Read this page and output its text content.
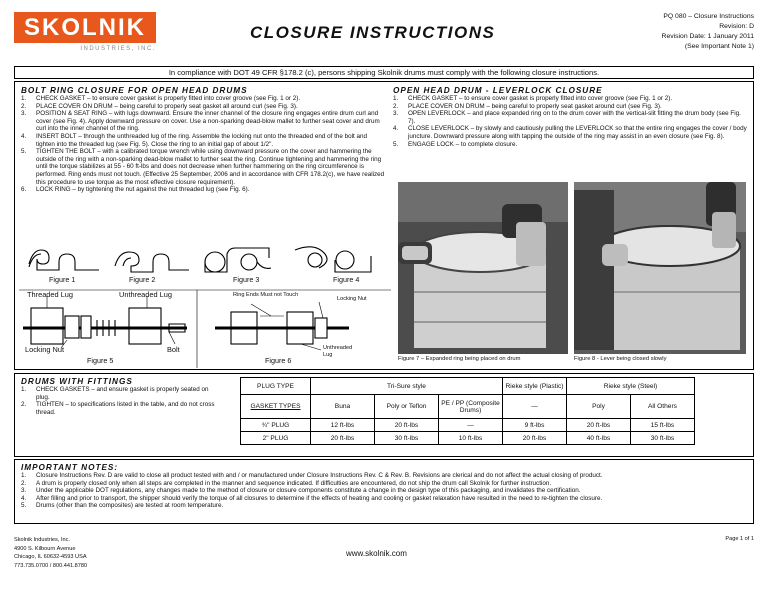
SKOLNIK
INDUSTRIES, INC.
CLOSURE INSTRUCTIONS
PQ 080 – Closure Instructions
Revision: D
Revision Date: 1 January 2011
(See Important Note 1)
In compliance with DOT 49 CFR §178.2 (c), persons shipping Skolnik drums must comply with the following closure instructions.
BOLT RING CLOSURE FOR OPEN HEAD DRUMS
1.	CHECK GASKET – to ensure cover gasket is properly fitted into cover groove (see Fig. 1 or 2).
2.	PLACE COVER ON DRUM – being careful to properly seat gasket all around curl (see Fig. 3).
3.	POSITION & SEAT RING – with lugs downward. Ensure the inner channel of the closure ring engages entire drum curl and cover (see Fig. 4). Apply downward pressure on cover. Use a non-sparking dead-blow mallet to further seat cover and drum curl into the inner channel of the ring.
4.	INSERT BOLT – through the unthreaded lug of the ring. Assemble the locking nut onto the threaded end of the bolt and tighten into the threaded lug (see Fig. 5). Close the ring to an initial gap of about 1/2".
5.	TIGHTEN THE BOLT – with a calibrated torque wrench while using downward pressure on the cover and hammering the outside of the ring with a non-sparking dead-blow mallet to further seat the ring. Continue tightening and hammering the ring until the torque stabilizes at 55 - 60 ft-lbs and does not decrease when further hammering on the ring circumference is performed. Ring ends must not touch. (Effective 25 September, 2006 and in accordance with CFR 178.2(c), we have realized this procedure to use torque as the most effective closure requirement).
6.	LOCK RING – by tightening the nut against the nut threaded lug (see Fig. 6).
Figure 1	Figure 2	Figure 3	Figure 4
Threaded Lug	Unthreaded Lug
Locking Nut	Bolt
Figure 5
Ring Ends Must not Touch
Locking Nut
Unthreaded Lug
Figure 6
OPEN HEAD DRUM - LEVERLOCK CLOSURE
1.	CHECK GASKET – to ensure cover gasket is properly fitted into cover groove (see Fig. 1 or 2).
2.	PLACE COVER ON DRUM – being careful to properly seat gasket around curl (see Fig. 3).
3.	OPEN LEVERLOCK – and place expanded ring on to the drum cover with the vertical-slit fitting the drum body (see Fig. 7).
4.	CLOSE LEVERLOCK – by slowly and cautiously pulling the LEVERLOCK so that the entire ring engages the cover / body juncture. Downward pressure along with tapping the outside of the ring may assist in an even closure (see Fig. 8).
5.	ENGAGE LOCK – to complete closure.
Figure 7 – Expanded ring being placed on drum	Figure 8 - Lever being closed slowly
DRUMS WITH FITTINGS
1.	CHECK GASKETS – and ensure gasket is properly seated on plug.
2.	TIGHTEN – to specifications listed in the table, and do not cross thread.
PLUG TYPE	Tri-Sure style			Rieke style (Plastic)	Rieke style (Steel)	
GASKET TYPES	Buna	Poly or Teflon	PE / PP (Composite Drums)	—	Poly	All Others
¾" PLUG	12 ft-lbs	20 ft-lbs	—	9 ft-lbs	20 ft-lbs	15 ft-lbs
2" PLUG	20 ft-lbs	30 ft-lbs	10 ft-lbs	20 ft-lbs	40 ft-lbs	30 ft-lbs
IMPORTANT NOTES:
1.	Closure Instructions Rev. D are valid to close all product tested with and / or manufactured under Closure Instructions Rev. C & Rev. B. Revisions are clerical and do not affect the actual closing of product.
2.	A drum is properly closed only when all steps are completed in the manner and sequence indicated. If difficulties are encountered, do not ship the drum call Skolnik for further instruction.
3.	Under the applicable DOT regulations, any changes made to the method of closure or closure components constitute a change in the design type of this packaging, and invalidates the certification.
4.	After filling and prior to transport, the shipper should verify the torque of all closures to determine if the effects of heating and cooling or gasket relaxation have resulted in the need to re-tighten the closure.
5.	Drums (other than the composites) are tested at room temperature.
Skolnik Industries, Inc.
4900 S. Kilbourn Avenue
Chicago, IL 60632-4593 USA
773.735.0700 / 800.441.8780
www.skolnik.com
Page 1 of 1
